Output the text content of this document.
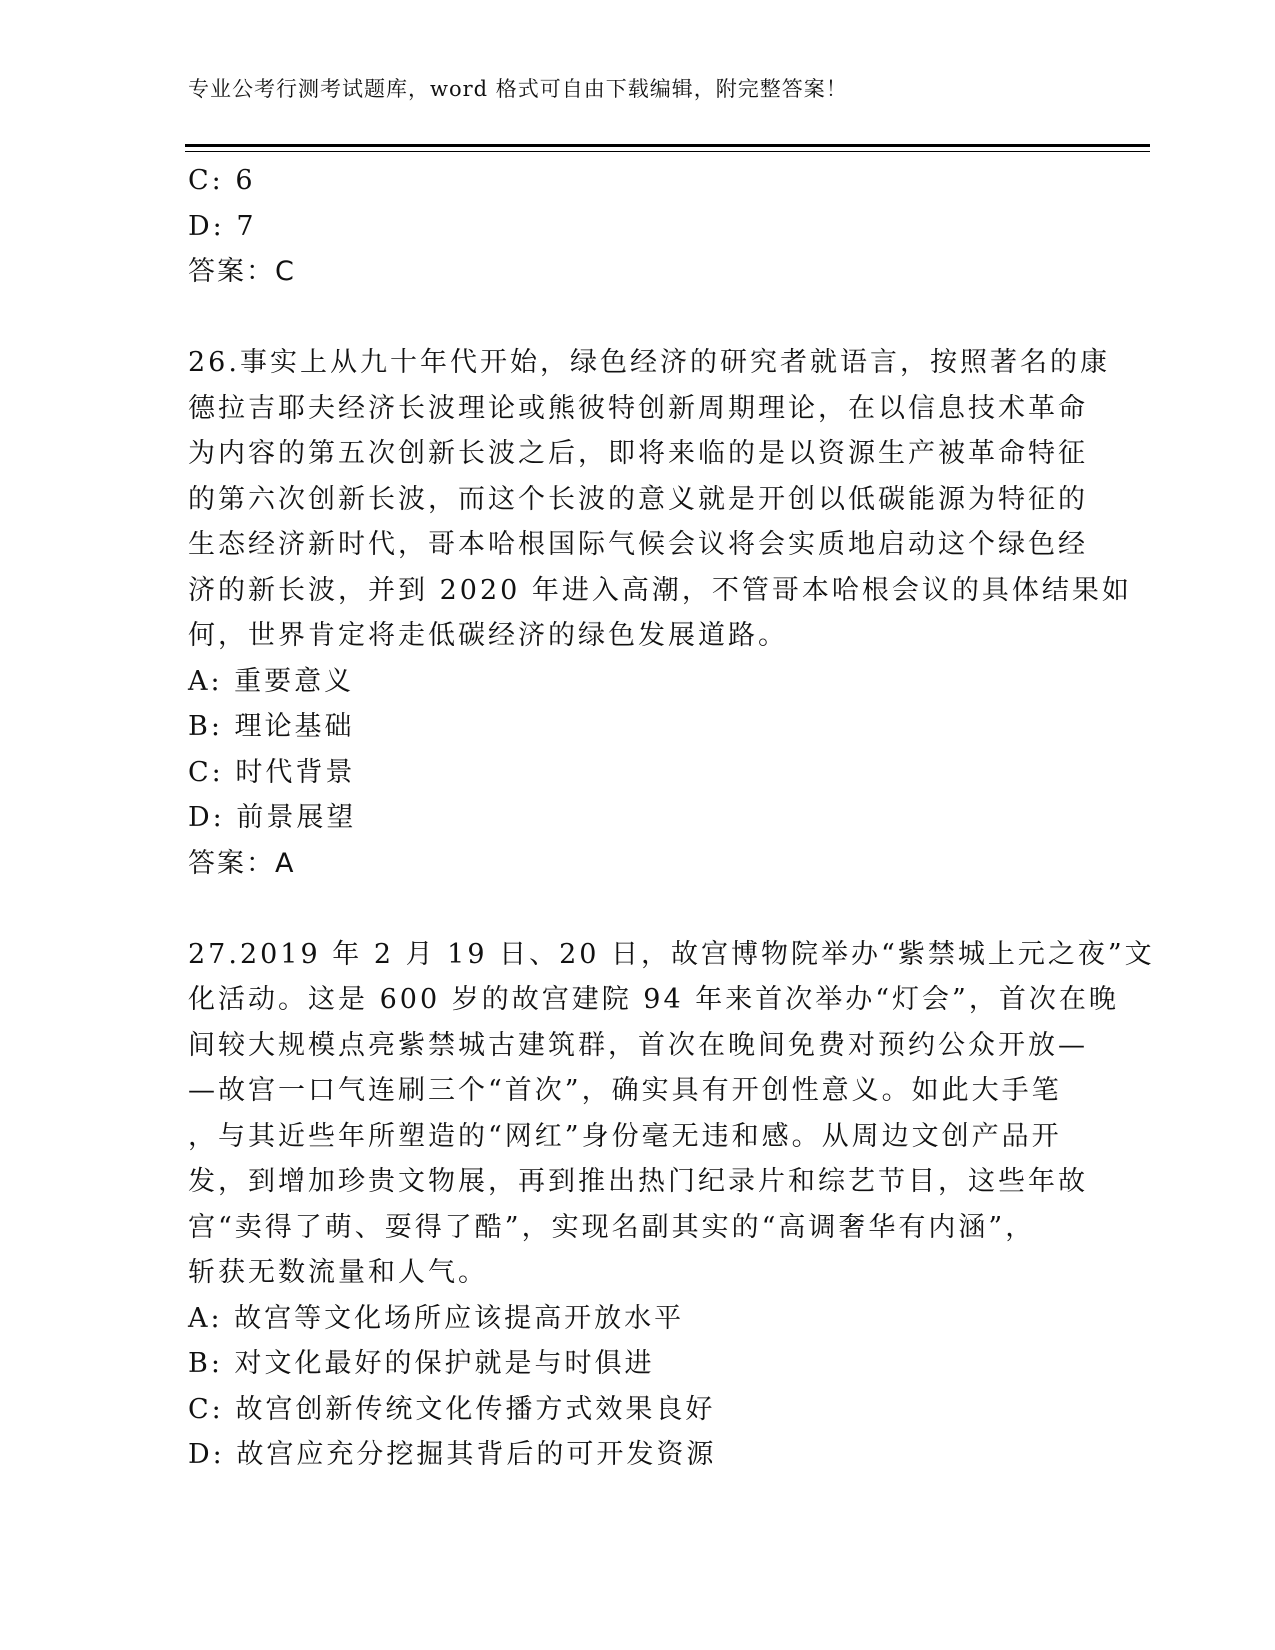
专业公考行测考试题库，word 格式可自由下载编辑，附完整答案！
C: 6
D: 7
答案：C
26.事实上从九十年代开始，绿色经济的研究者就语言，按照著名的康
德拉吉耶夫经济长波理论或熊彼特创新周期理论，在以信息技术革命
为内容的第五次创新长波之后，即将来临的是以资源生产被革命特征
的第六次创新长波，而这个长波的意义就是开创以低碳能源为特征的
生态经济新时代，哥本哈根国际气候会议将会实质地启动这个绿色经
济的新长波，并到 2020 年进入高潮，不管哥本哈根会议的具体结果如
何，世界肯定将走低碳经济的绿色发展道路。
A: 重要意义
B: 理论基础
C: 时代背景
D: 前景展望
答案：A
27.2019 年 2 月 19 日、20 日，故宫博物院举办“紫禁城上元之夜”文
化活动。这是 600 岁的故宫建院 94 年来首次举办“灯会”，首次在晚
间较大规模点亮紫禁城古建筑群，首次在晚间免费对预约公众开放—
—故宫一口气连刷三个“首次”，确实具有开创性意义。如此大手笔
，与其近些年所塑造的“网红”身份毫无违和感。从周边文创产品开
发，到增加珍贵文物展，再到推出热门纪录片和综艺节目，这些年故
宫“卖得了萌、耍得了酷”，实现名副其实的“高调奢华有内涵”，
斩获无数流量和人气。
A: 故宫等文化场所应该提高开放水平
B: 对文化最好的保护就是与时俱进
C: 故宫创新传统文化传播方式效果良好
D: 故宫应充分挖掘其背后的可开发资源
